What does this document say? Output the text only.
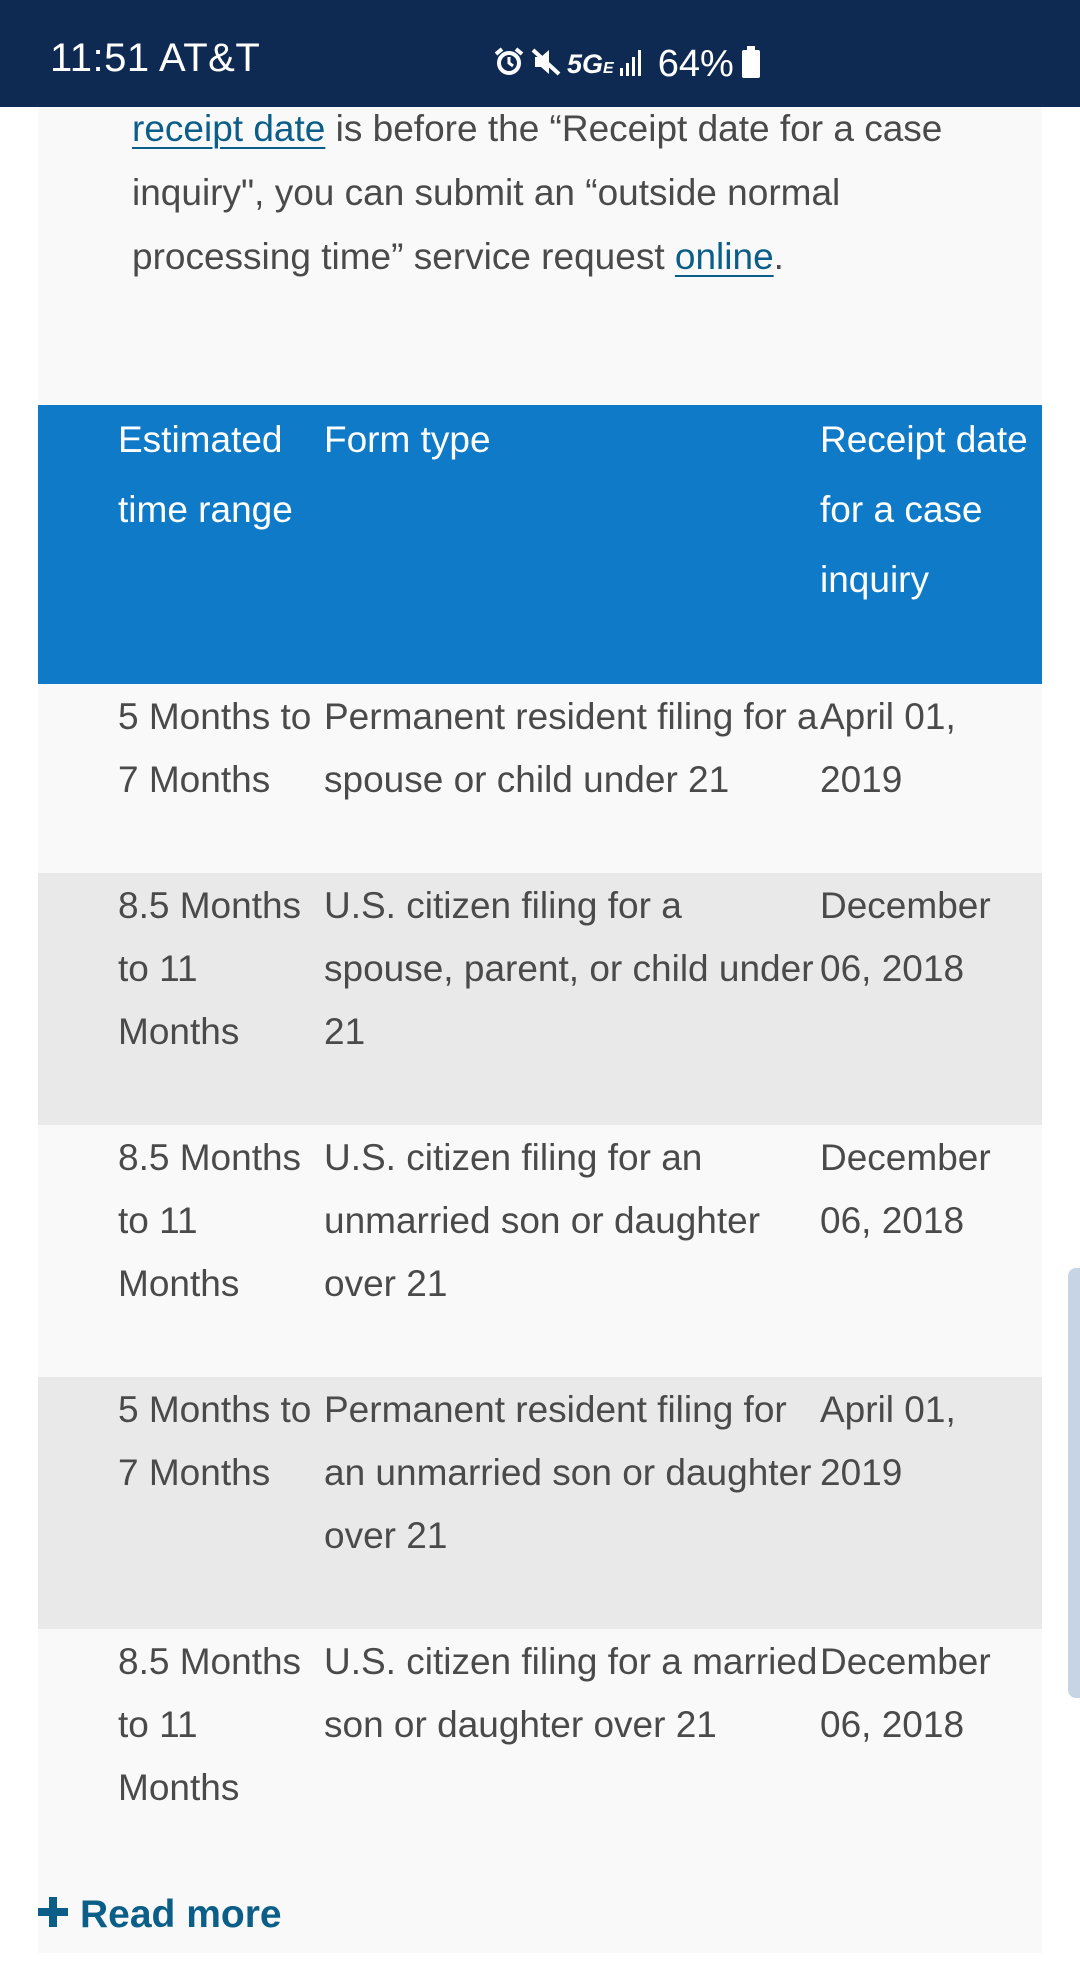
11:51 AT&T	5GE 64%
receipt date is before the “Receipt date for a case inquiry", you can submit an “outside normal processing time” service request online.
Estimated time range	Form type	Receipt date for a case inquiry
5 Months to 7 Months	Permanent resident filing for a spouse or child under 21	April 01, 2019
8.5 Months to 11 Months	U.S. citizen filing for a spouse, parent, or child under 21	December 06, 2018
8.5 Months to 11 Months	U.S. citizen filing for an unmarried son or daughter over 21	December 06, 2018
5 Months to 7 Months	Permanent resident filing for an unmarried son or daughter over 21	April 01, 2019
8.5 Months to 11 Months	U.S. citizen filing for a married son or daughter over 21	December 06, 2018
Read more
